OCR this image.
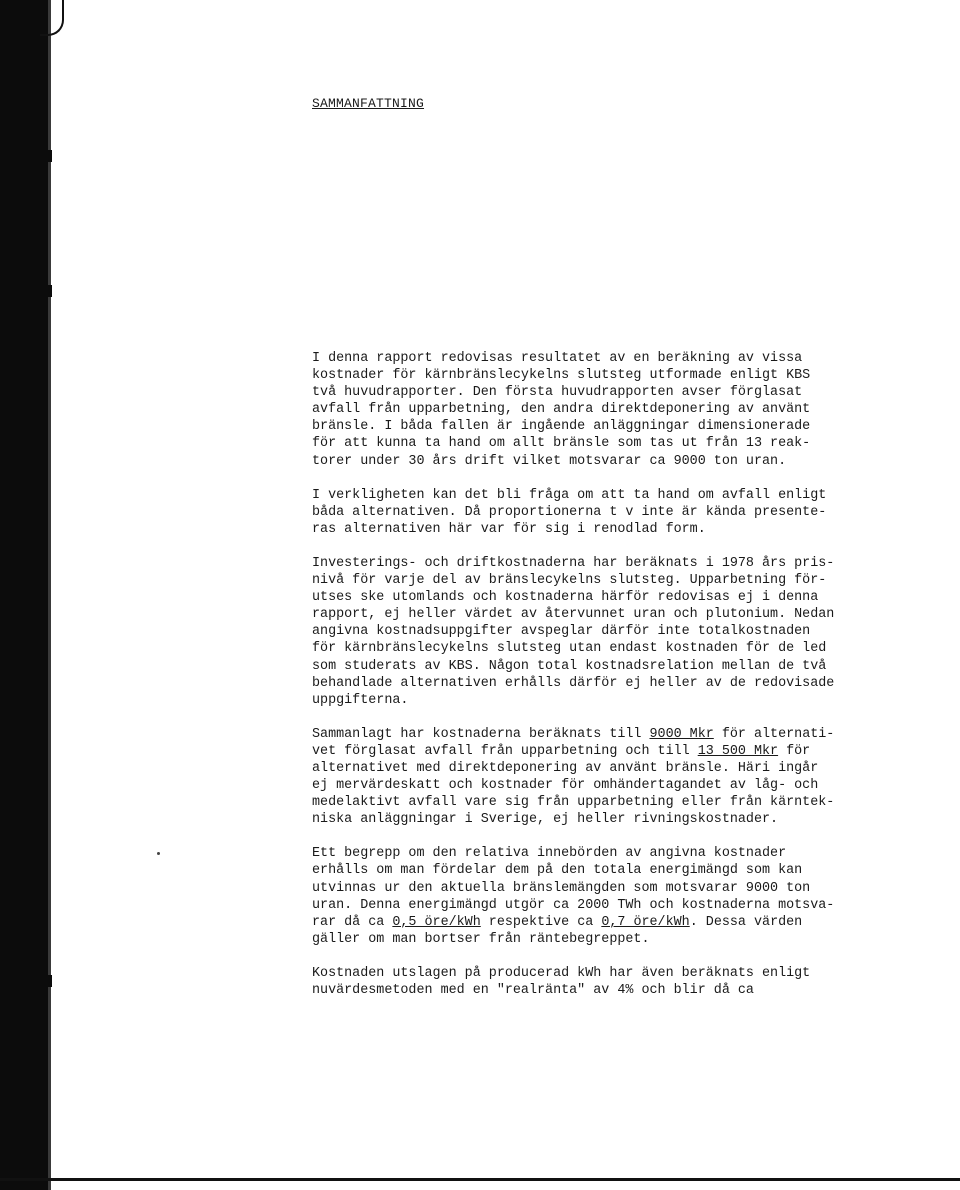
SAMMANFATTNING
I denna rapport redovisas resultatet av en beräkning av vissa
kostnader för kärnbränslecykelns slutsteg utformade enligt KBS
två huvudrapporter. Den första huvudrapporten avser förglasat
avfall från upparbetning, den andra direktdeponering av använt
bränsle. I båda fallen är ingående anläggningar dimensionerade
för att kunna ta hand om allt bränsle som tas ut från 13 reak-
torer under 30 års drift vilket motsvarar ca 9000 ton uran.
I verkligheten kan det bli fråga om att ta hand om avfall enligt
båda alternativen. Då proportionerna t v inte är kända presente-
ras alternativen här var för sig i renodlad form.
Investerings- och driftkostnaderna har beräknats i 1978 års pris-
nivå för varje del av bränslecykelns slutsteg. Upparbetning för-
utses ske utomlands och kostnaderna härför redovisas ej i denna
rapport, ej heller värdet av återvunnet uran och plutonium. Nedan
angivna kostnadsuppgifter avspeglar därför inte totalkostnaden
för kärnbränslecykelns slutsteg utan endast kostnaden för de led
som studerats av KBS. Någon total kostnadsrelation mellan de två
behandlade alternativen erhålls därför ej heller av de redovisade
uppgifterna.
Sammanlagt har kostnaderna beräknats till 9000 Mkr för alternati-
vet förglasat avfall från upparbetning och till 13 500 Mkr för
alternativet med direktdeponering av använt bränsle. Häri ingår
ej mervärdeskatt och kostnader för omhändertagandet av låg- och
medelaktivt avfall vare sig från upparbetning eller från kärntek-
niska anläggningar i Sverige, ej heller rivningskostnader.
Ett begrepp om den relativa innebörden av angivna kostnader
erhålls om man fördelar dem på den totala energimängd som kan
utvinnas ur den aktuella bränslemängden som motsvarar 9000 ton
uran. Denna energimängd utgör ca 2000 TWh och kostnaderna motsva-
rar då ca 0,5 öre/kWh respektive ca 0,7 öre/kWh. Dessa värden
gäller om man bortser från räntebegreppet.
Kostnaden utslagen på producerad kWh har även beräknats enligt
nuvärdesmetoden med en "realränta" av 4% och blir då ca
